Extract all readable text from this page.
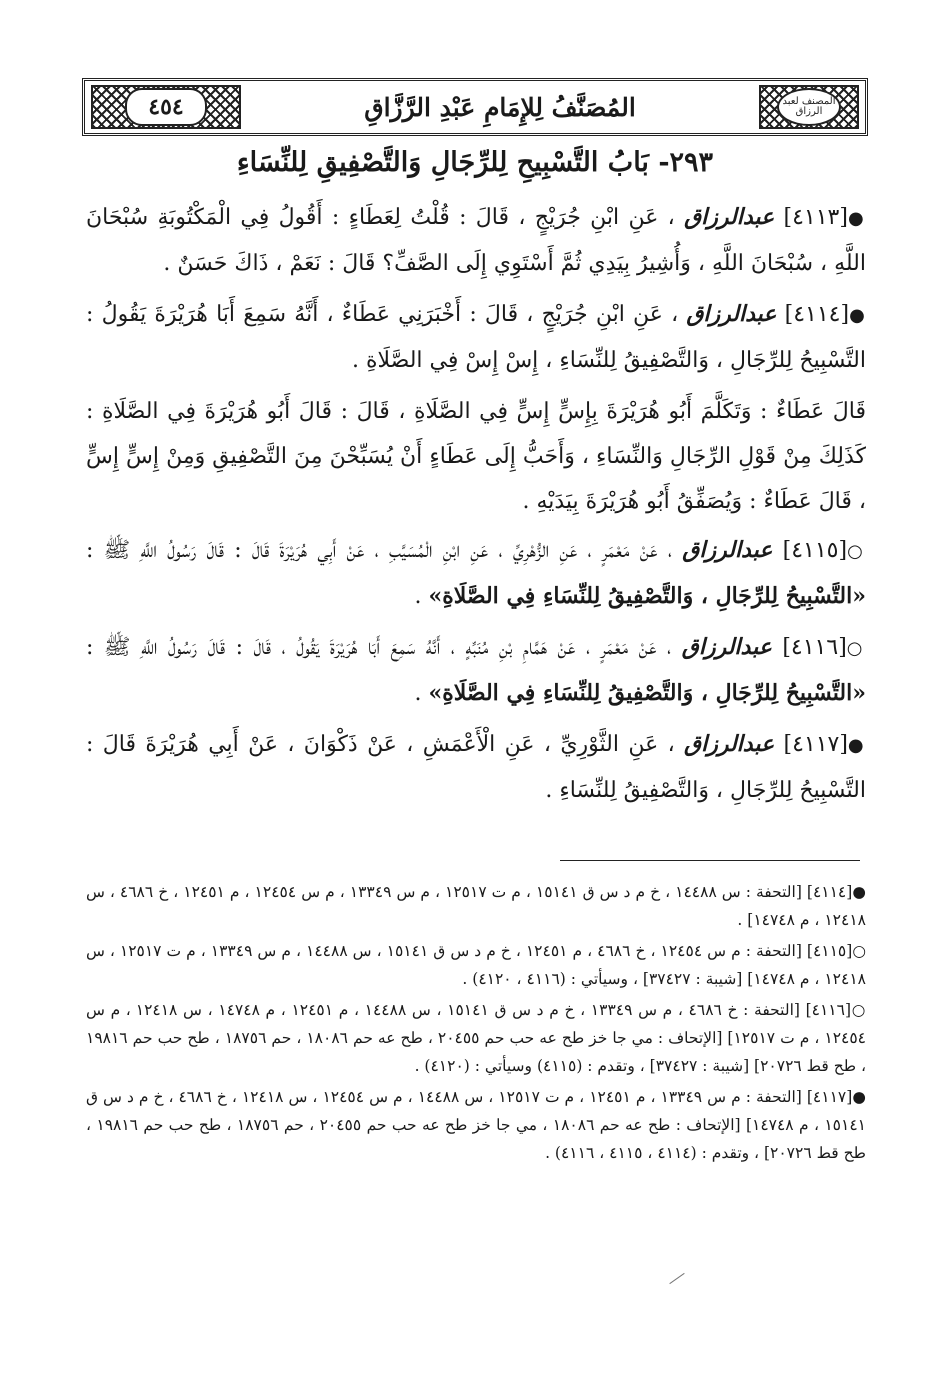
٤٥٤	المُصَنَّفُ لِلإِمَامِ عَبْدِ الرَّزَّاقِ	المصنف لعبد الرزاق
٢٩٣- بَابُ التَّسْبِيحِ لِلرِّجَالِ وَالتَّصْفِيقِ لِلنِّسَاءِ

●[٤١١٣] عبدالرزاق ، عَنِ ابْنِ جُرَيْجٍ ، قَالَ : قُلْتُ لِعَطَاءٍ : أَقُولُ فِي الْمَكْتُوبَةِ سُبْحَانَ اللَّهِ ، سُبْحَانَ اللَّهِ ، وَأُشِيرُ بِيَدِي ثُمَّ أَسْتَوِي إِلَى الصَّفِّ؟ قَالَ : نَعَمْ ، ذَاكَ حَسَنٌ .

●[٤١١٤] عبدالرزاق ، عَنِ ابْنِ جُرَيْجٍ ، قَالَ : أَخْبَرَنِي عَطَاءٌ ، أَنَّهُ سَمِعَ أَبَا هُرَيْرَةَ يَقُولُ : التَّسْبِيحُ لِلرِّجَالِ ، وَالتَّصْفِيقُ لِلنِّسَاءِ ، إِسْ إِسْ فِي الصَّلَاةِ .

قَالَ عَطَاءٌ : وَتَكَلَّمَ أَبُو هُرَيْرَةَ بِإِسٍّ إِسٍّ فِي الصَّلَاةِ ، قَالَ : قَالَ أَبُو هُرَيْرَةَ فِي الصَّلَاةِ : كَذَلِكَ مِنْ قَوْلِ الرِّجَالِ وَالنِّسَاءِ ، وَأَحَبُّ إِلَى عَطَاءٍ أَنْ يُسَبِّحْنَ مِنَ التَّصْفِيقِ وَمِنْ إِسٍّ إِسٍّ ، قَالَ عَطَاءٌ : وَيُصَفِّقُ أَبُو هُرَيْرَةَ بِيَدَيْهِ .

○[٤١١٥] عبدالرزاق ، عَنْ مَعْمَرٍ ، عَنِ الزُّهْرِيِّ ، عَنِ ابْنِ الْمُسَيَّبِ ، عَنْ أَبِي هُرَيْرَةَ قَالَ : قَالَ رَسُولُ اللَّهِ ﷺ : «التَّسْبِيحُ لِلرِّجَالِ ، وَالتَّصْفِيقُ لِلنِّسَاءِ فِي الصَّلَاةِ» .

○[٤١١٦] عبدالرزاق ، عَنْ مَعْمَرٍ ، عَنْ هَمَّامِ بْنِ مُنَبِّهٍ ، أَنَّهُ سَمِعَ أَبَا هُرَيْرَةَ يَقُولُ ، قَالَ : قَالَ رَسُولُ اللَّهِ ﷺ : «التَّسْبِيحُ لِلرِّجَالِ ، وَالتَّصْفِيقُ لِلنِّسَاءِ فِي الصَّلَاةِ» .

●[٤١١٧] عبدالرزاق ، عَنِ الثَّوْرِيِّ ، عَنِ الْأَعْمَشِ ، عَنْ ذَكْوَانَ ، عَنْ أَبِي هُرَيْرَةَ قَالَ : التَّسْبِيحُ لِلرِّجَالِ ، وَالتَّصْفِيقُ لِلنِّسَاءِ .

●[٤١١٤] [التحفة : س ١٤٤٨٨ ، خ م د س ق ١٥١٤١ ، م ت ١٢٥١٧ ، م س ١٣٣٤٩ ، م س ١٢٤٥٤ ، م ١٢٤٥١ ، خ ٤٦٨٦ ، س ١٢٤١٨ ، م ١٤٧٤٨] .

○[٤١١٥] [التحفة : م س ١٢٤٥٤ ، خ ٤٦٨٦ ، م ١٢٤٥١ ، خ م د س ق ١٥١٤١ ، س ١٤٤٨٨ ، م س ١٣٣٤٩ ، م ت ١٢٥١٧ ، س ١٢٤١٨ ، م ١٤٧٤٨] [شيبة : ٣٧٤٢٧] ، وسيأتي : (٤١١٦ ، ٤١٢٠) .

○[٤١١٦] [التحفة : خ ٤٦٨٦ ، م س ١٣٣٤٩ ، خ م د س ق ١٥١٤١ ، س ١٤٤٨٨ ، م ١٢٤٥١ ، م ١٤٧٤٨ ، س ١٢٤١٨ ، م س ١٢٤٥٤ ، م ت ١٢٥١٧] [الإتحاف : مي جا خز طح عه حب حم ٢٠٤٥٥ ، طح عه حم ١٨٠٨٦ ، حم ١٨٧٥٦ ، طح حب حم ١٩٨١٦ ، طح قط ٢٠٧٢٦] [شيبة : ٣٧٤٢٧] ، وتقدم : (٤١١٥) وسيأتي : (٤١٢٠) .

●[٤١١٧] [التحفة : م س ١٣٣٤٩ ، م ١٢٤٥١ ، م ت ١٢٥١٧ ، س ١٤٤٨٨ ، م س ١٢٤٥٤ ، س ١٢٤١٨ ، خ ٤٦٨٦ ، خ م د س ق ١٥١٤١ ، م ١٤٧٤٨] [الإتحاف : طح عه حم ١٨٠٨٦ ، مي جا خز طح عه حب حم ٢٠٤٥٥ ، حم ١٨٧٥٦ ، طح حب حم ١٩٨١٦ ، طح قط ٢٠٧٢٦] ، وتقدم : (٤١١٤ ، ٤١١٥ ، ٤١١٦) .
